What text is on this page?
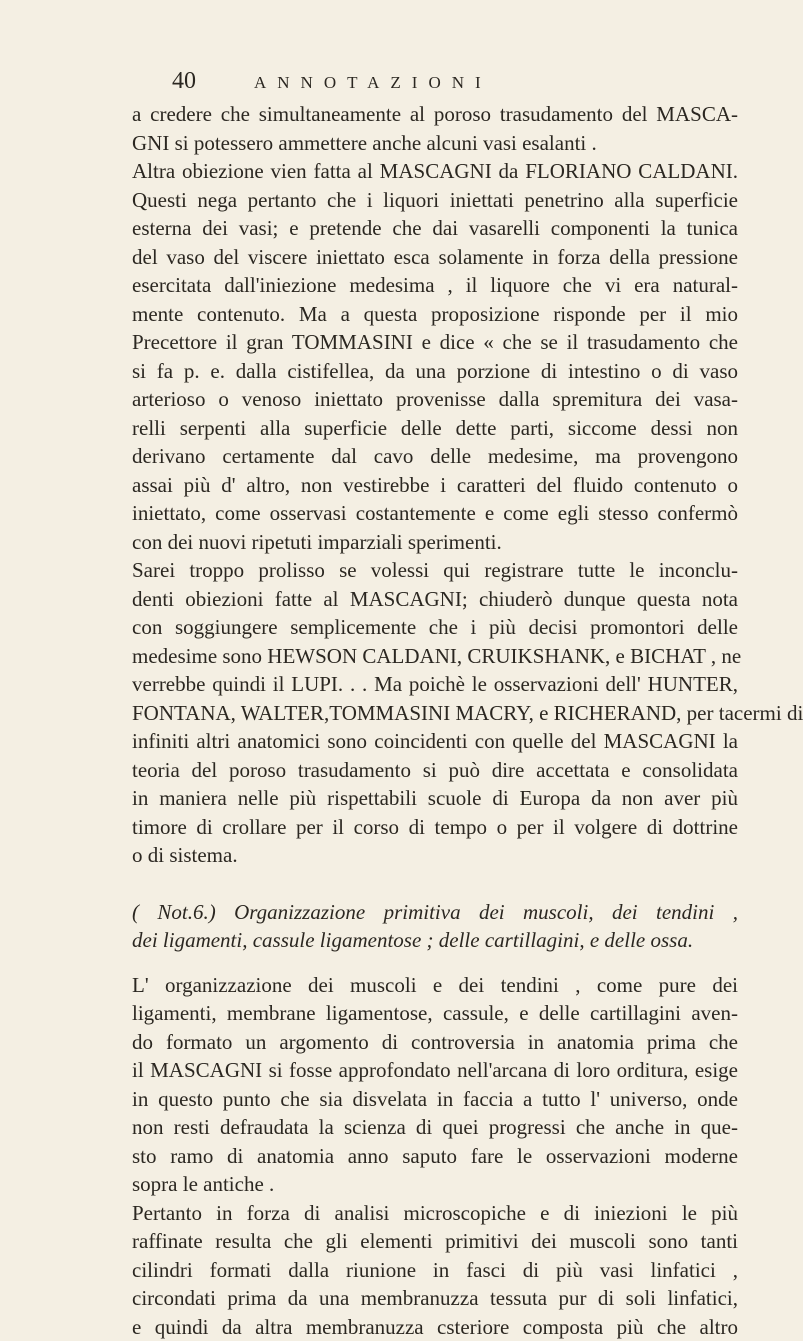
40	ANNOTAZIONI
a credere che simultaneamente al poroso trasudamento del MASCA-
GNI si potessero ammettere anche alcuni vasi esalanti .
Altra obiezione vien fatta al MASCAGNI da FLORIANO CALDANI.
Questi nega pertanto che i liquori iniettati penetrino alla superficie
esterna dei vasi; e pretende che dai vasarelli componenti la tunica
del vaso del viscere iniettato esca solamente in forza della pressione
esercitata dall'iniezione medesima , il liquore che vi era natural-
mente contenuto. Ma a questa proposizione risponde per il mio
Precettore il gran TOMMASINI e dice « che se il trasudamento che
si fa p. e. dalla cistifellea, da una porzione di intestino o di vaso
arterioso o venoso iniettato provenisse dalla spremitura dei vasa-
relli serpenti alla superficie delle dette parti, siccome dessi non
derivano certamente dal cavo delle medesime, ma provengono
assai più d' altro, non vestirebbe i caratteri del fluido contenuto o
iniettato, come osservasi costantemente e come egli stesso confermò
con dei nuovi ripetuti imparziali sperimenti.
Sarei troppo prolisso se volessi qui registrare tutte le inconclu-
denti obiezioni fatte al MASCAGNI; chiuderò dunque questa nota
con soggiungere semplicemente che i più decisi promontori delle
medesime sono HEWSON CALDANI, CRUIKSHANK, e BICHAT , ne
verrebbe quindi il LUPI. . . Ma poichè le osservazioni dell' HUNTER,
FONTANA, WALTER,TOMMASINI MACRY, e RICHERAND, per tacermi di
infiniti altri anatomici sono coincidenti con quelle del MASCAGNI la
teoria del poroso trasudamento si può dire accettata e consolidata
in maniera nelle più rispettabili scuole di Europa da non aver più
timore di crollare per il corso di tempo o per il volgere di dottrine
o di sistema.
( Not.6.) Organizzazione primitiva dei muscoli, dei tendini ,
dei ligamenti, cassule ligamentose ; delle cartillagini, e delle ossa.
L' organizzazione dei muscoli e dei tendini , come pure dei
ligamenti, membrane ligamentose, cassule, e delle cartillagini aven-
do formato un argomento di controversia in anatomia prima che
il MASCAGNI si fosse approfondato nell'arcana di loro orditura, esige
in questo punto che sia disvelata in faccia a tutto l' universo, onde
non resti defraudata la scienza di quei progressi che anche in que-
sto ramo di anatomia anno saputo fare le osservazioni moderne
sopra le antiche .
Pertanto in forza di analisi microscopiche e di iniezioni le più
raffinate resulta che gli elementi primitivi dei muscoli sono tanti
cilindri formati dalla riunione in fasci di più vasi linfatici ,
circondati prima da una membranuzza tessuta pur di soli linfatici,
e quindi da altra membranuzza csteriore composta più che altro
